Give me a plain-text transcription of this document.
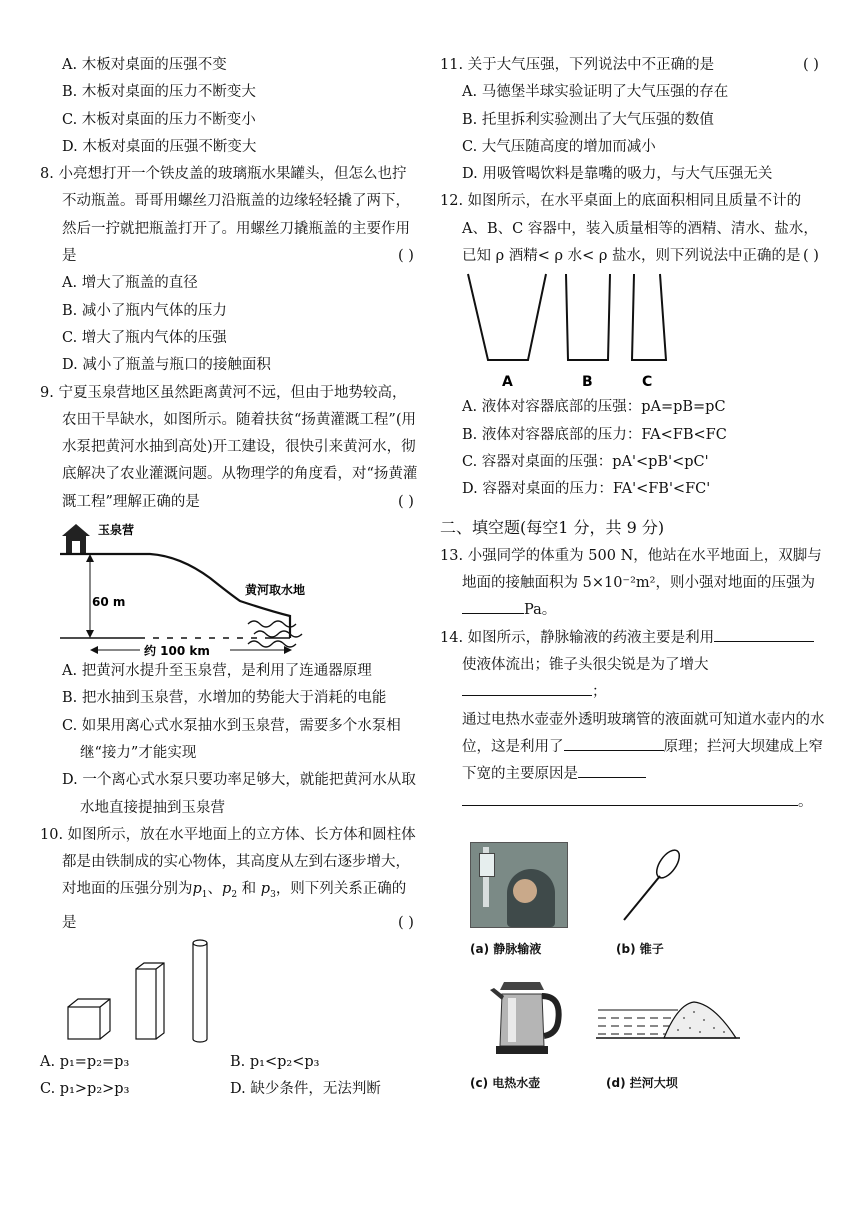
A. 木板对桌面的压强不变

B. 木板对桌面的压力不断变大

C. 木板对桌面的压力不断变小

D. 木板对桌面的压强不断变大

8. 小亮想打开一个铁皮盖的玻璃瓶水果罐头，但怎么也拧不动瓶盖。哥哥用螺丝刀沿瓶盖的边缘轻轻撬了两下，然后一拧就把瓶盖打开了。用螺丝刀撬瓶盖的主要作用是	( )

A. 增大了瓶盖的直径

B. 减小了瓶内气体的压力

C. 增大了瓶内气体的压强

D. 减小了瓶盖与瓶口的接触面积

9. 宁夏玉泉营地区虽然距离黄河不远，但由于地势较高，农田干旱缺水，如图所示。随着扶贫“扬黄灌溉工程”(用水泵把黄河水抽到高处)开工建设，很快引来黄河水，彻底解决了农业灌溉问题。从物理学的角度看，对“扬黄灌溉工程”理解正确的是	( )

玉泉营
60 m
约 100 km
黄河取水地

A. 把黄河水提升至玉泉营，是利用了连通器原理

B. 把水抽到玉泉营，水增加的势能大于消耗的电能

C. 如果用离心式水泵抽水到玉泉营，需要多个水泵相继“接力”才能实现

D. 一个离心式水泵只要功率足够大，就能把黄河水从取水地直接提抽到玉泉营

10. 如图所示，放在水平地面上的立方体、长方体和圆柱体都是由铁制成的实心物体，其高度从左到右逐步增大，对地面的压强分别为$p_1$、$p_2$ 和 $p_3$，则下列关系正确的是	( )

A. p₁=p₂=p₃	B. p₁<p₂<p₃
C. p₁>p₂>p₃	D. 缺少条件，无法判断

11. 关于大气压强，下列说法中不正确的是	( )

A. 马德堡半球实验证明了大气压强的存在

B. 托里拆利实验测出了大气压强的数值

C. 大气压随高度的增加而减小

D. 用吸管喝饮料是靠嘴的吸力，与大气压强无关

12. 如图所示，在水平桌面上的底面积相同且质量不计的A、B、C 容器中，装入质量相等的酒精、清水、盐水，已知 ρ 酒精< ρ 水< ρ 盐水，则下列说法中正确的是 ( )

A	B	C

A. 液体对容器底部的压强：pA=pB=pC

B. 液体对容器底部的压力：FA<FB<FC

C. 容器对桌面的压强：pA'<pB'<pC'

D. 容器对桌面的压力：FA'<FB'<FC'

二、填空题(每空1 分，共 9 分)

13. 小强同学的体重为 500 N，他站在水平地面上，双脚与地面的接触面积为 5×10⁻²m²，则小强对地面的压强为Pa。

14. 如图所示，静脉输液的药液主要是利用使液体流出；锥子头很尖锐是为了增大；

通过电热水壶壶外透明玻璃管的液面就可知道水壶内的水位，这是利用了	原理；拦河大坝建成上窄下宽的主要原因是
。

(a) 静脉输液	(b) 锥子
(c) 电热水壶	(d) 拦河大坝
